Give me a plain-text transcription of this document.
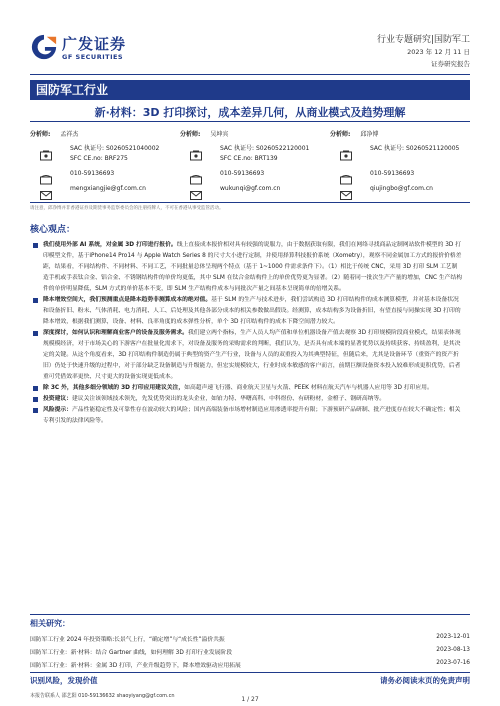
广发证券
GF SECURITIES
行业专题研究|国防军工
2023 年 12 月 11 日
证券研究报告
国防军工行业
新·材料：3D 打印探讨，成本差异几何，从商业模式及趋势理解
分析师: 孟祥杰
SAC 执证号: S0260521040002
SFC CE.no: BRF275
010-59136693
mengxiangjie@gf.com.cn
分析师: 吴坤宾
SAC 执证号: S0260522120001
SFC CE.no: BRT139
010-59136693
wukunqi@gf.com.cn
分析师: 邱净博
SAC 执证号: S0260521120005
010-59136693
qiujingbo@gf.com.cn
请注意，邱净博并非香港证券及期货事务监察委员会的注册持牌人，不可在香港从事受监管活动。
核心观点：
我们使用外部 AI 系统，对金属 3D 打印进行报价。线上直接成本报价相对具有较强的说服力，由于数据获取有限，我们在网络寻找商品定制网站软件模型的 3D 打印模型文件，基于iPhone14 Pro14 与 Apple Watch Series 8 的尺寸大小进行定制，并使用择算科技报价系统（Xometry），观察不同金属加工方式的报价价格差距，结果看，不同结构件、不同材料、不同工艺，不同批量总体呈现两个特点（基于 1~1000 件需求条件下）。（1）相比于传统 CNC，采用 3D 打印 SLM 工艺制造手机或手表钛合金、铝合金、不锈钢结构件的单价均更低，其中 SLM 在钛合金结构件上的单价优势更为显著。（2）随着同一批次生产产量的增加，CNC 生产结构件的单价明显降低，SLM 方式的单价基本不变，即 SLM 生产结构件成本与同批次产量之间基本呈现简单的倍增关系。
降本增效空间大，我们预测重点是降本趋势非测算成本的绝对值。基于 SLM 的生产与技术进步，我们尝试构造 3D 打印结构件的成本测算模型，并对基本设备状况和设备折旧、粉末、气体消耗、电力消耗、人工、后处理及其他各部分成本的相关参数做出假设。经测算，成本结构多为设备折旧，有望直接与同操实现 3D 打印的降本增效，根据我们测算，设备、材料、良率角度的成本弹性分析，单个 3D 打印结构件的成本下降空间潜力较大。
深度探讨，如何认识和理解商业客户的设备及服务需求。我们建立两个指标，生产人员人均产值和单位机器设备产值去观察 3D 打印规模阶段商业模式，结果表体现规模模经济，对于市场关心的下游客户在批量化需求下，对设备及服务的采购需求的判断，我们认为，是否具有成本端的显著优势以及持续获客、持续盈利，是其决定的关键。从这个角度看来，3D 打印结构件制造仍属于典型的资产生产行业，设备与人员的双重投入为其典型特征，但随后来，尤其是设备环节（重资产的资产折旧）仍处于快速升级的过程中，对于部分缺乏设备制造与升级能力，但宏实规模较大，行业时成本敏感的客户而言，前期巨额设备资本投入较难形成更积优势，后者重可凭借效率更快、尺寸更大的设备实现更低成本。
除 3C 外，其他多细分领域的 3D 打印应用建议关注，如高超声速飞行器、商业航天卫星与火箭、PEEK 材料在航天汽车与机器人应用等 3D 打印应用。
投资建议：建议关注该领域技术领先，先发优势突出的龙头企业，如铂力特、华曙高科、中科煜份、有研粉材，金橙子、钢研高纳等。
风险提示：产品性能稳定性及可靠性存在波动较大的风险；国内高端装备市场增材制造应用渗透率提升有限；下游预研产品研制、批产进度存在较大不确定性；相关专利引发的法律风险等。
相关研究：
国防军工行业 2024 年投资策略:长景气上行，“确定增”与“成长性”溢价共振	2023-12-01
国防军工行业：新·材料：结合 Gartner 曲线，如何理解 3D 打印行业发展阶段	2023-08-13
国防军工行业：新·材料：金属 3D 打印，产业升级趋势下，降本增效驱动应用拓展	2023-07-16
识别风险，发现价值	请务必阅读末页的免责声明
本报告联系人 邵艺阳 010-59136632 shaoyiyang@gf.com.cn	1 / 27
